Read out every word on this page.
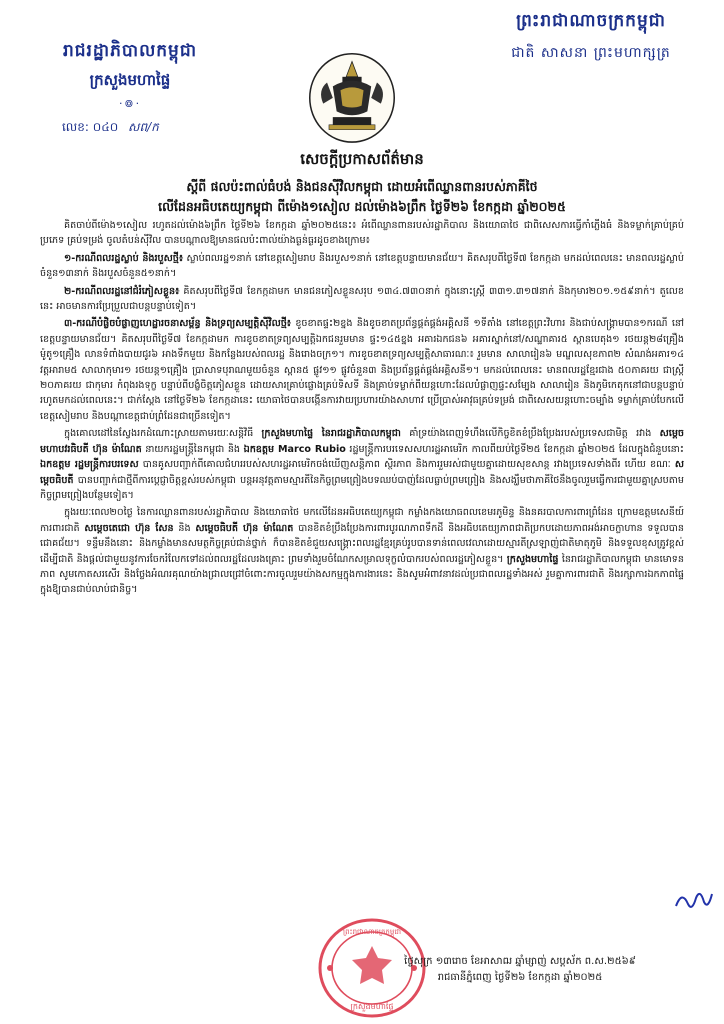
រាជរដ្ឋាភិបាលកម្ពុជា
ក្រសួងមហាផ្ទៃ
·៙·
លេខ: ០៤០ សព/ក
ព្រះរាជាណាចក្រកម្ពុជា
ជាតិ សាសនា ព្រះមហាក្សត្រ
សេចក្តីប្រកាសព័ត៌មាន
ស្តីពី ផលប៉ះពាល់ធំបង់ និងជនស៊ីវិលកម្ពុជា ដោយអំពើឈ្លានពានរបស់ភាគីថៃ
លើដែនអធិបតេយ្យកម្ពុជា ពីម៉ោង១សៀល ដល់ម៉ោង៦ព្រឹក ថ្ងៃទី២៦ ខែកក្កដា ឆ្នាំ២០២៥

គិតចាប់ពីម៉ោង១សៀល រហូតដល់ម៉ោង៦ព្រឹក ថ្ងៃទី២៦ ខែកក្កដា ឆ្នាំ២០២៥នេះ៖ អំពើឈ្លានពានរបស់រដ្ឋាភិបាល និងយោធាថៃ ជាពិសេសការធ្វើកាំភ្លើងធំ និងទម្លាក់គ្រាប់គ្រប់ប្រភេទ គ្រប់ទម្រង់ ចូលតំបន់ស៊ីវិល បានបណ្តាលឱ្យមានផលប៉ះពាល់យ៉ាងធ្ងន់ធ្ងរដូចខាងក្រោម៖

១-ករណីពលរដ្ឋស្លាប់ និងរបួសថ្មី៖ ស្លាប់ពលរដ្ឋ១នាក់ នៅខេត្តសៀមរាប និងរបួស១នាក់ នៅខេត្តបន្ទាយមានជ័យ។ គិតសរុបពីថ្ងៃទី៧ ខែកក្កដា មកដល់ពេលនេះ មានពលរដ្ឋស្លាប់ចំនួន១៣នាក់ និងរបួសចំនួន៥១នាក់។

២-ករណីពលរដ្ឋនៅជំរំភៀសខ្លួន៖ គិតសរុបពីថ្ងៃទី៧ ខែកក្កដាមក មានជនភៀសខ្លួនសរុប ១៣៤.៧៣០នាក់ ក្នុងនោះស្ត្រី ៣៣១.៣១៧នាក់ និងកុមារ២០១.១៥៩នាក់។ តួលេខនេះ អាចមានការប្រែប្រួលជាបន្តបន្ទាប់ទៀត។

៣-ករណីបំផ្លិចបំផ្លាញហេដ្ឋារចនាសម្ព័ន្ធ និងទ្រព្យសម្បត្តិស៊ីវិលថ្មី៖ ខូចខាតផ្ទះ២ខ្នង និងខូចខាតប្រព័ន្ធផ្គត់ផ្គង់អគ្គិសនី ១ទីតាំង នៅខេត្តព្រះវិហារ និងជាប់សង្គ្រាមបាន១ករណី នៅខេត្តបន្ទាយមានជ័យ។ គិតសរុបពីថ្ងៃទី៧ ខែកក្កដាមក ការខូចខាតទ្រព្យសម្បត្តិឯកជនរួមមាន ផ្ទះ១៤៥ខ្នង អគារឯកជន៦ អគារស្នាក់នៅ/សណ្ឋាគារ៥ ស្ពានបេតុង១ រថយន្ត២៨គ្រឿង ម៉ូតូ១គ្រឿង លានទំពាំងបាយជូរ៦ អាងទឹកមួយ និងកន្លែងរបស់ពលរដ្ឋ និងរោងចក្រ១។ ការខូចខាតទ្រព្យសម្បត្តិសាធារណៈ៖ រួមមាន សាលារៀន៦ មណ្ឌលសុខភាព២ សំណង់អគារ១៤ វត្តអារាម៥ សាលាកុមារ១ រថយន្ត១គ្រឿង ប្រាសាទបុរាណមួយចំនួន ស្ពាន៥ ផ្លូវ១១ ផ្លូវចំនួន៣ និងប្រព័ន្ធផ្គត់ផ្គង់អគ្គិសនី១។ មកដល់ពេលនេះ មានពលរដ្ឋខ្មែរជាង ៥០ភាគរយ ជាស្ត្រី ២០ភាគរយ ជាកុមារ កំពុងរងទុក្ខ បន្ទាប់ពីបង្ខំចិត្តភៀសខ្លួន ដោយសារគ្រាប់ផ្លោងគ្រប់ទិសទី និងគ្រាប់ទម្លាក់ពីយន្តហោះដែលបំផ្លាញផ្ទះសម្បែង សាលារៀន និងភូមិកេតុកនៅជាបន្តបន្ទាប់រហូតមកដល់ពេលនេះ។ ជាក់ស្តែង នៅថ្ងៃទី២៦ ខែកក្កដានេះ យោធាថៃបានបង្កើនការវាយប្រហារយ៉ាងសាហាវ ប្រើប្រាស់អាវុធគ្រប់ទម្រង់ ជាពិសេសយន្តហោះចម្បាំង ទម្លាក់គ្រាប់បែកលើខេត្តសៀមរាប និងបណ្តាខេត្តជាប់ព្រំដែនជាច្រើនទៀត។

ក្នុងគោលដៅនៃស្វែងរកដំណោះស្រាយតាមរយៈសន្តិវិធី ក្រសួងមហាផ្ទៃ នៃរាជរដ្ឋាភិបាលកម្ពុជា គាំទ្រយ៉ាងពេញទំហឹងលើកិច្ចខិតខំប្រឹងប្រែងរបស់ប្រទេសជាមិត្ត រវាង សម្តេចមហាបវរធិបតី ហ៊ុន ម៉ាណែត នាយករដ្ឋមន្ត្រីនៃកម្ពុជា និង ឯកឧត្តម Marco Rubio រដ្ឋមន្ត្រីការបរទេសសហរដ្ឋអាមេរិក កាលពីយប់ថ្ងៃទី២៥ ខែកក្កដា ឆ្នាំ២០២៥ ដែលក្នុងជំនួបនោះ ឯកឧត្តម រដ្ឋមន្ត្រីការបរទេស បានគូសបញ្ជាក់ពីគោលជំហររបស់សហរដ្ឋអាមេរិកចង់ឃើញសន្តិភាព ស្ថិរភាព និងការរួមរស់ជាមួយគ្នាដោយសុខសាន្ត រវាងប្រទេសទាំងពីរ ហើយ ខណៈ សម្តេចធិបតី បានបញ្ជាក់ជាថ្មីពីការប្តេជ្ញាចិត្តខ្ពស់របស់កម្ពុជា បន្តអនុវត្តតាមស្មារតីនៃកិច្ចព្រមព្រៀងបទឈប់បាញ់ដែលធ្លាប់ព្រមព្រៀង និងសង្ឃឹមថាភាគីថៃនឹងចូលរួមធ្វើការជាមួយគ្នាស្របតាមកិច្ចព្រមព្រៀងបន្ថែមទៀត។

ក្នុងរយៈពេល២០ថ្ងៃ នៃការឈ្លានពានរបស់រដ្ឋាភិបាល និងយោធាថៃ មកលើដែនអធិបតេយ្យកម្ពុជា កម្លាំងកងយោធពលខេមរភូមិន្ទ និងនគរបាលការពារព្រំដែន ក្រោមឧត្តមសេនីយ៍ការពារជាតិ សម្តេចតេជោ ហ៊ុន សែន និង សម្តេចធិបតី ហ៊ុន ម៉ាណែត បានខិតខំប្រឹងប្រែងការពារបូរណភាពទឹកដី និងអធិបតេយ្យភាពជាតិប្រកបដោយភាពអង់អាចក្លាហាន ទទួលបានជោគជ័យ។ ទន្ទឹមនឹងនោះ និងកម្លាំងមានសមត្ថកិច្ចគ្រប់ជាន់ថ្នាក់ ក៏បានខិតខំជួយសង្គ្រោះពលរដ្ឋខ្មែរគ្រប់រូបបានទាន់ពេលវេលាដោយស្មារតីស្រឡាញ់ជាតិមាតុភូមិ និងទទួលខុសត្រូវខ្ពស់ ដើម្បីជាតិ និងផ្តល់ជាមួយនូវការចែករំលែកទៅដល់ពលរដ្ឋដែលរងគ្រោះ ព្រមទាំងរួមចំណែកសម្រាលទុក្ខលំបាករបស់ពលរដ្ឋភៀសខ្លួន។ ក្រសួងមហាផ្ទៃ នៃរាជរដ្ឋាភិបាលកម្ពុជា មានមោទនភាព សូមកោតសរសើរ និងថ្លែងអំណរគុណយ៉ាងជ្រាលជ្រៅចំពោះការចូលរួមយ៉ាងសកម្មក្នុងការងារនេះ និងសូមអំពាវនាវដល់ប្រជាពលរដ្ឋទាំងអស់ រួមគ្នាការពារជាតិ និងរក្សាការឯកភាពផ្ទៃក្នុងឱ្យបានជាប់លាប់ជានិច្ច។

ក្រសួងមហាផ្ទៃ
ព្រះរាជាណាចក្រកម្ពុជា
ថ្ងៃសុក្រ ១៣រោច ខែអាសាឍ ឆ្នាំម្សាញ់ សប្តស័ក ព.ស.២៥៦៩
រាជធានីភ្នំពេញ ថ្ងៃទី២៦ ខែកក្កដា ឆ្នាំ២០២៥
